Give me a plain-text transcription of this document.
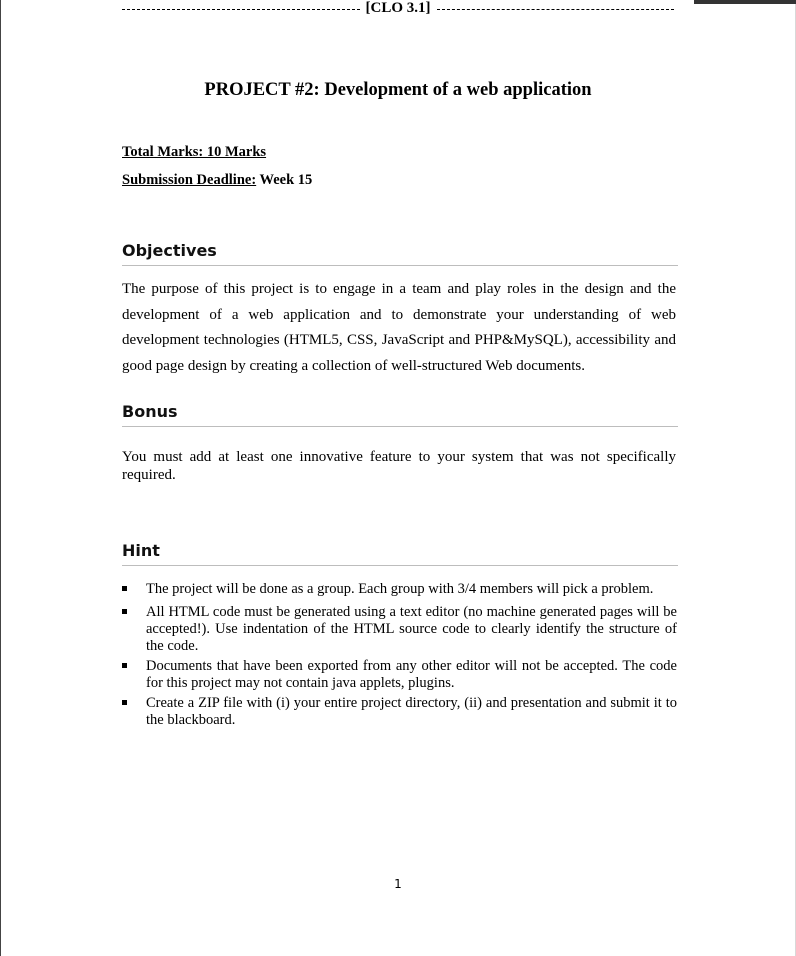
[CLO 3.1]
PROJECT #2: Development of a web application
Total Marks: 10 Marks
Submission Deadline: Week 15
Objectives

The purpose of this project is to engage in a team and play roles in the design and the development of a web application and to demonstrate your understanding of web development technologies (HTML5, CSS, JavaScript and PHP&MySQL), accessibility and good page design by creating a collection of well-structured Web documents.

Bonus

You must add at least one innovative feature to your system that was not specifically required.

Hint
The project will be done as a group. Each group with 3/4 members will pick a problem.
All HTML code must be generated using a text editor (no machine generated pages will be accepted!). Use indentation of the HTML source code to clearly identify the structure of the code.
Documents that have been exported from any other editor will not be accepted. The code for this project may not contain java applets, plugins.
Create a ZIP file with (i) your entire project directory, (ii) and presentation and submit it to the blackboard.
1
